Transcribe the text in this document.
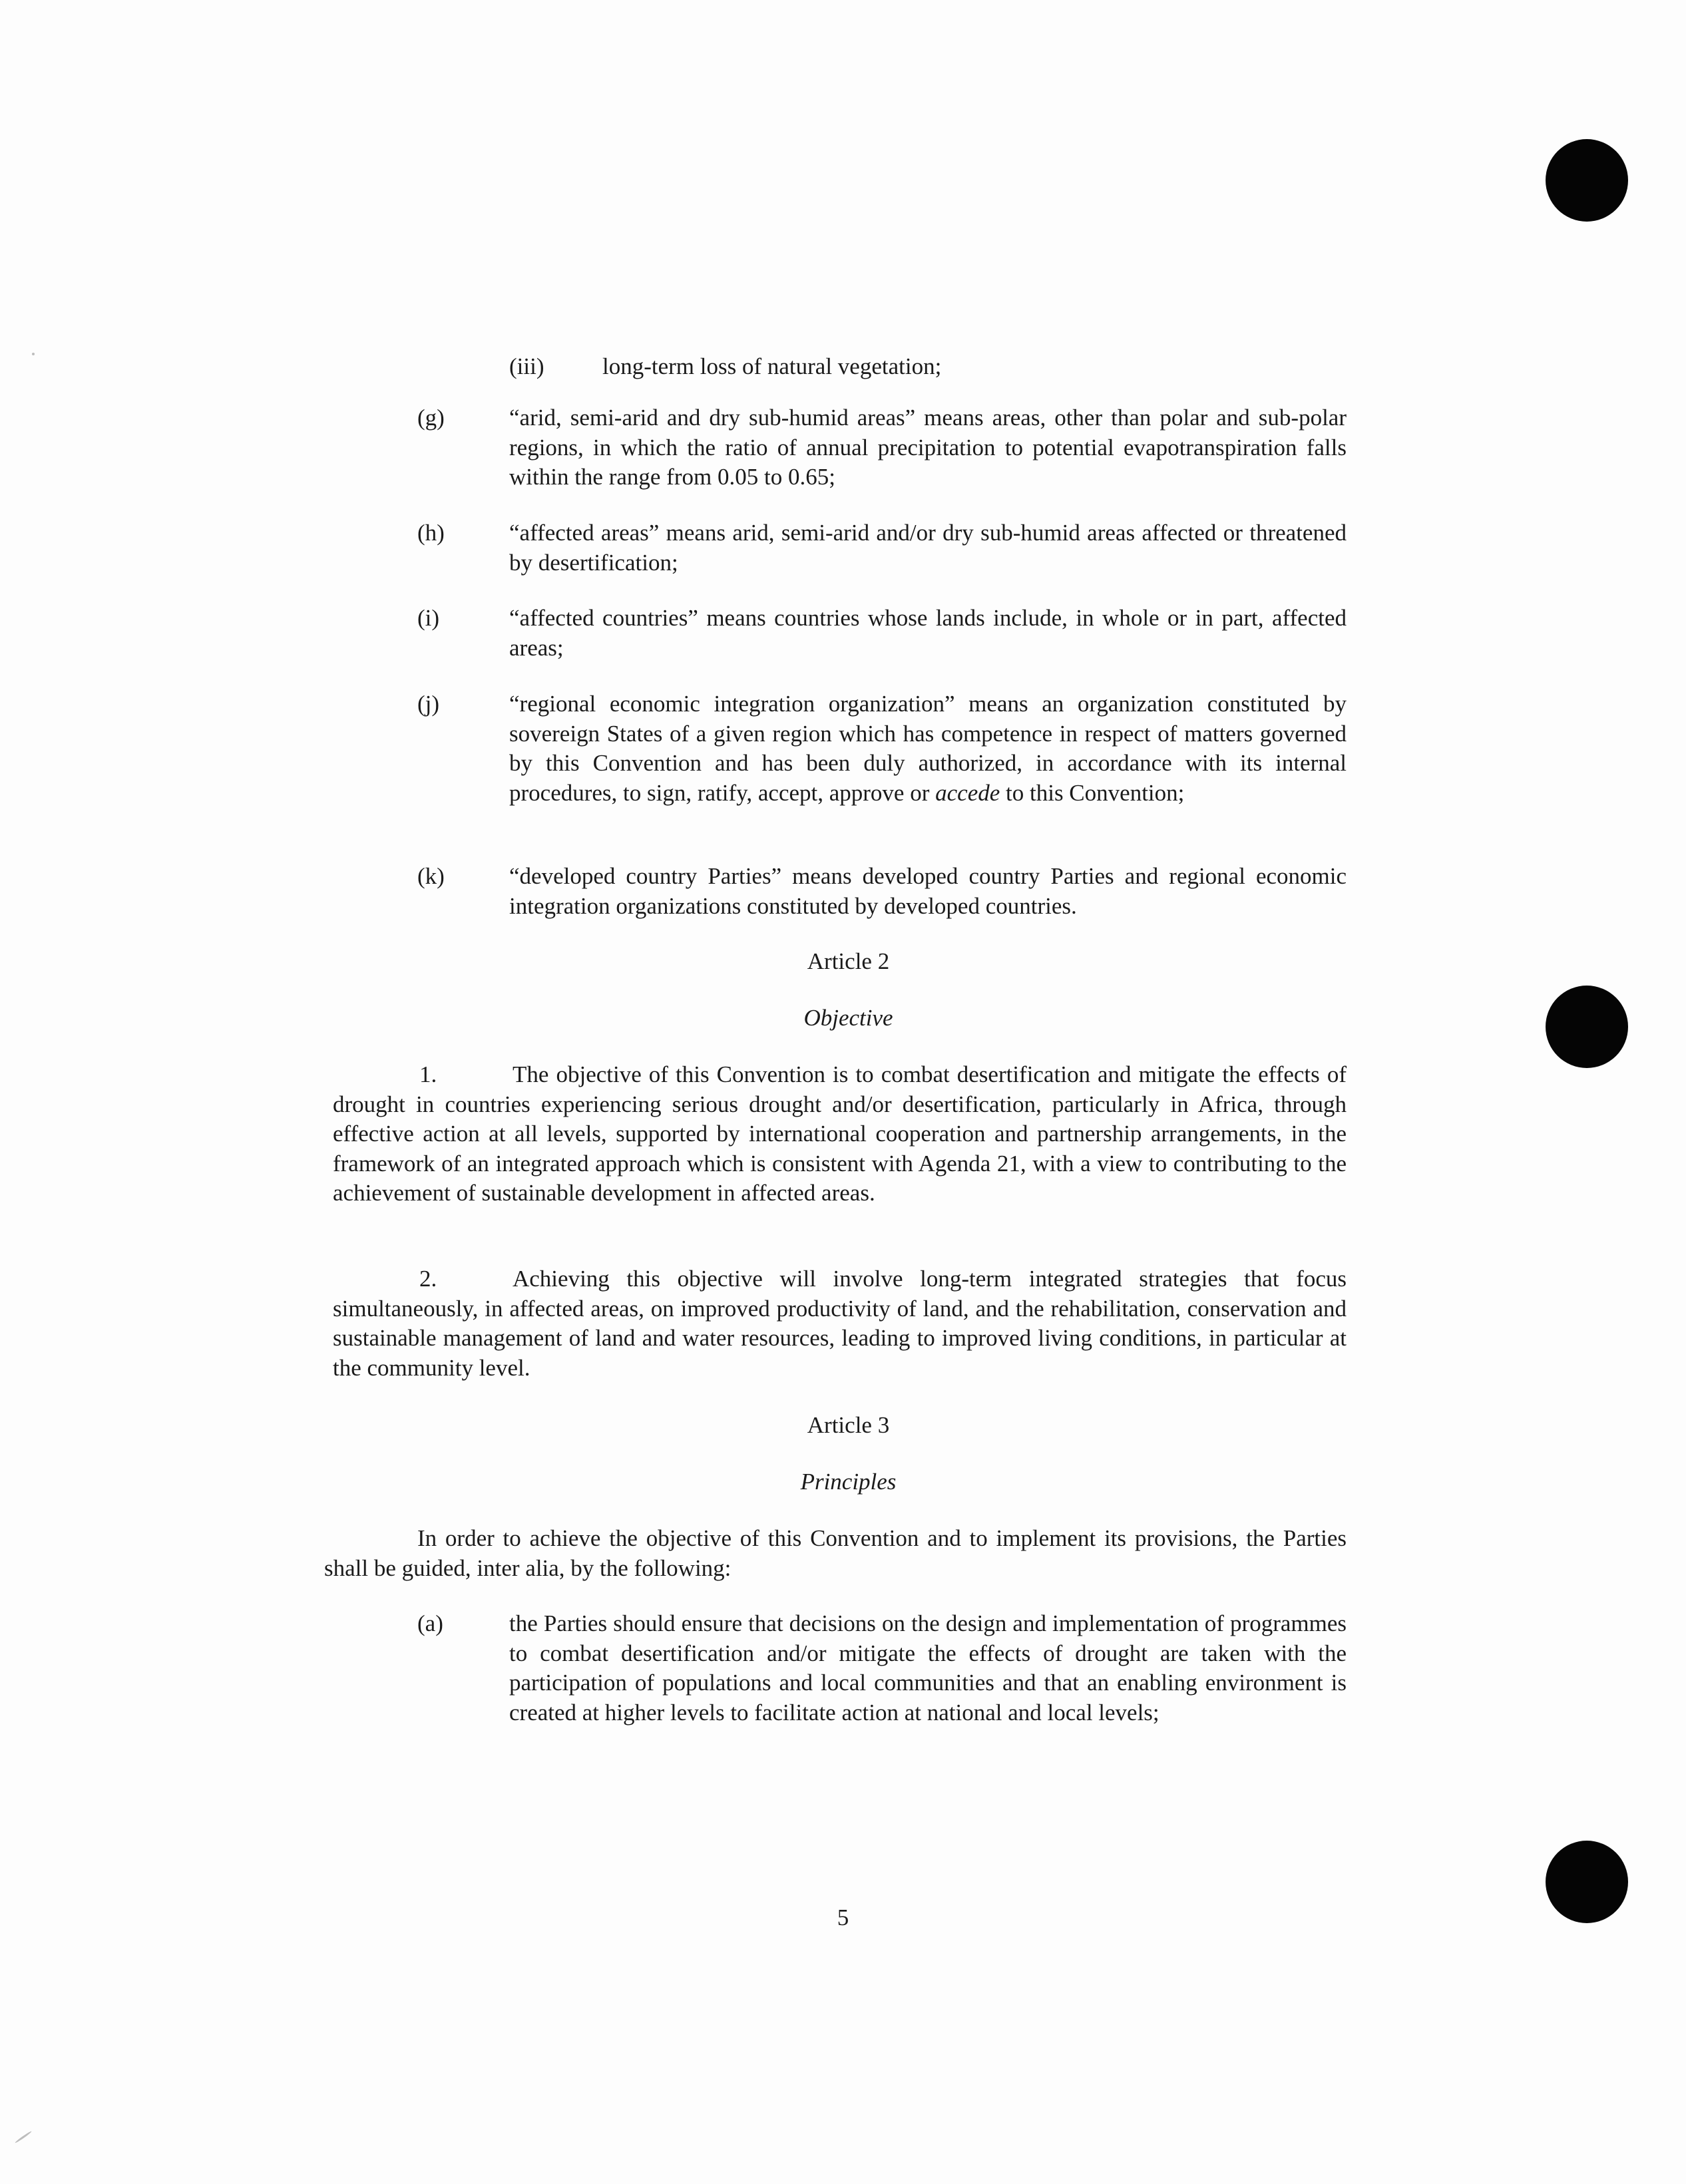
(iii)	long-term loss of natural vegetation;
(g)	“arid, semi-arid and dry sub-humid areas” means areas, other than polar and sub-polar regions, in which the ratio of annual precipitation to potential evapotranspiration falls within the range from 0.05 to 0.65;
(h)	“affected areas” means arid, semi-arid and/or dry sub-humid areas affected or threatened by desertification;
(i)	“affected countries” means countries whose lands include, in whole or in part, affected areas;
(j)	“regional economic integration organization” means an organization constituted by sovereign States of a given region which has competence in respect of matters governed by this Convention and has been duly authorized, in accordance with its internal procedures, to sign, ratify, accept, approve or accede to this Convention;
(k)	“developed country Parties” means developed country Parties and regional economic integration organizations constituted by developed countries.
Article 2
Objective
1.	The objective of this Convention is to combat desertification and mitigate the effects of drought in countries experiencing serious drought and/or desertification, particularly in Africa, through effective action at all levels, supported by international cooperation and partnership arrangements, in the framework of an integrated approach which is consistent with Agenda 21, with a view to contributing to the achievement of sustainable development in affected areas.
2.	Achieving this objective will involve long-term integrated strategies that focus simultaneously, in affected areas, on improved productivity of land, and the rehabilitation, conservation and sustainable management of land and water resources, leading to improved living conditions, in particular at the community level.
Article 3
Principles
In order to achieve the objective of this Convention and to implement its provisions, the Parties shall be guided, inter alia, by the following:
(a)	the Parties should ensure that decisions on the design and implementation of programmes to combat desertification and/or mitigate the effects of drought are taken with the participation of populations and local communities and that an enabling environment is created at higher levels to facilitate action at national and local levels;
5
